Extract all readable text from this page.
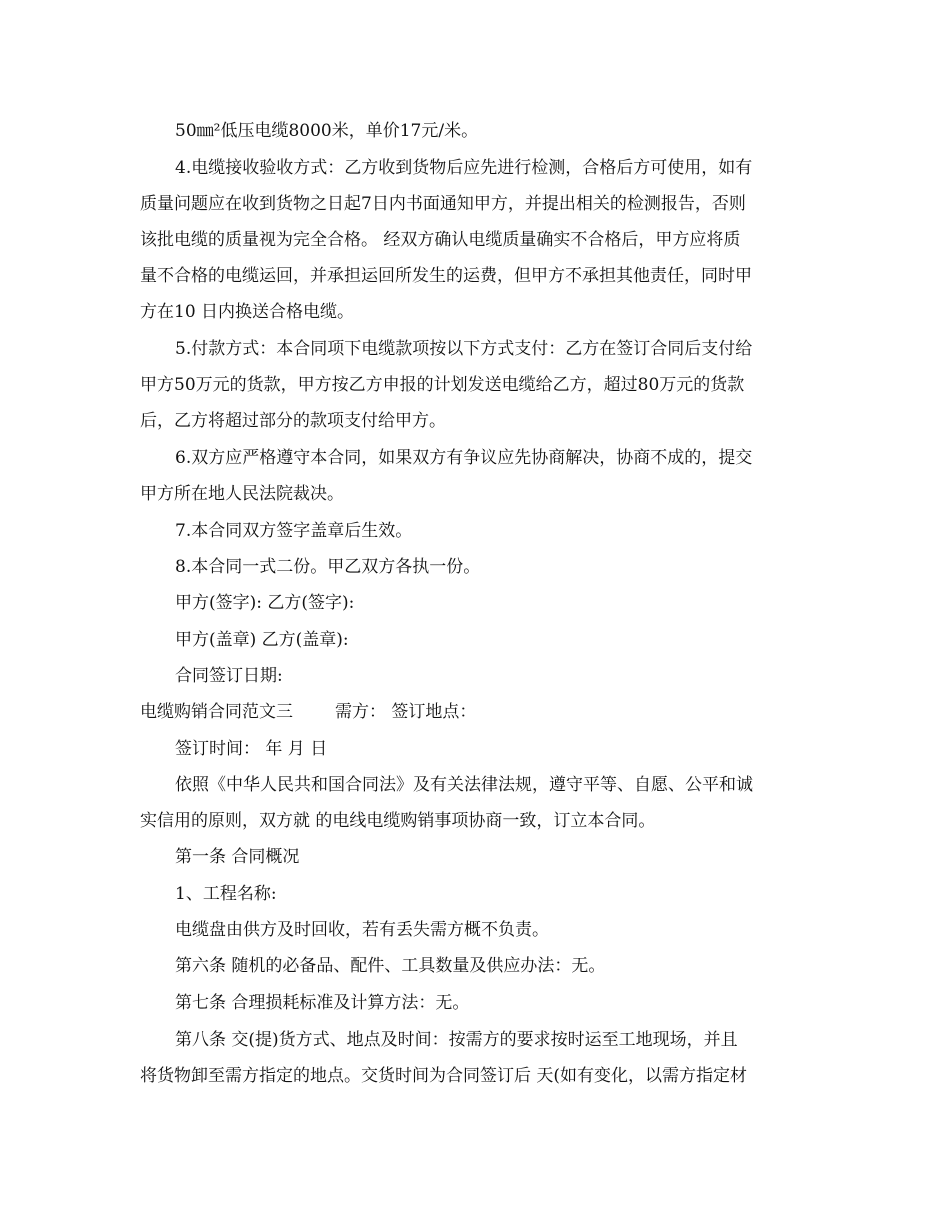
50㎜²低压电缆8000米，单价17元/米。
4.电缆接收验收方式：乙方收到货物后应先进行检测，合格后方可使用，如有
质量问题应在收到货物之日起7日内书面通知甲方，并提出相关的检测报告，否则
该批电缆的质量视为完全合格。 经双方确认电缆质量确实不合格后，甲方应将质
量不合格的电缆运回，并承担运回所发生的运费，但甲方不承担其他责任，同时甲
方在10 日内换送合格电缆。
5.付款方式：本合同项下电缆款项按以下方式支付：乙方在签订合同后支付给
甲方50万元的货款，甲方按乙方申报的计划发送电缆给乙方，超过80万元的货款
后，乙方将超过部分的款项支付给甲方。
6.双方应严格遵守本合同，如果双方有争议应先协商解决，协商不成的，提交
甲方所在地人民法院裁决。
7.本合同双方签字盖章后生效。
8.本合同一式二份。甲乙双方各执一份。
甲方(签字): 乙方(签字):
甲方(盖章) 乙方(盖章):
合同签订日期:
电缆购销合同范文三 需方： 签订地点：
签订时间： 年 月 日
依照《中华人民共和国合同法》及有关法律法规，遵守平等、自愿、公平和诚
实信用的原则，双方就 的电线电缆购销事项协商一致，订立本合同。
第一条 合同概况
1、工程名称:
电缆盘由供方及时回收，若有丢失需方概不负责。
第六条 随机的必备品、配件、工具数量及供应办法：无。
第七条 合理损耗标准及计算方法：无。
第八条 交(提)货方式、地点及时间：按需方的要求按时运至工地现场，并且
将货物卸至需方指定的地点。交货时间为合同签订后 天(如有变化，以需方指定材
